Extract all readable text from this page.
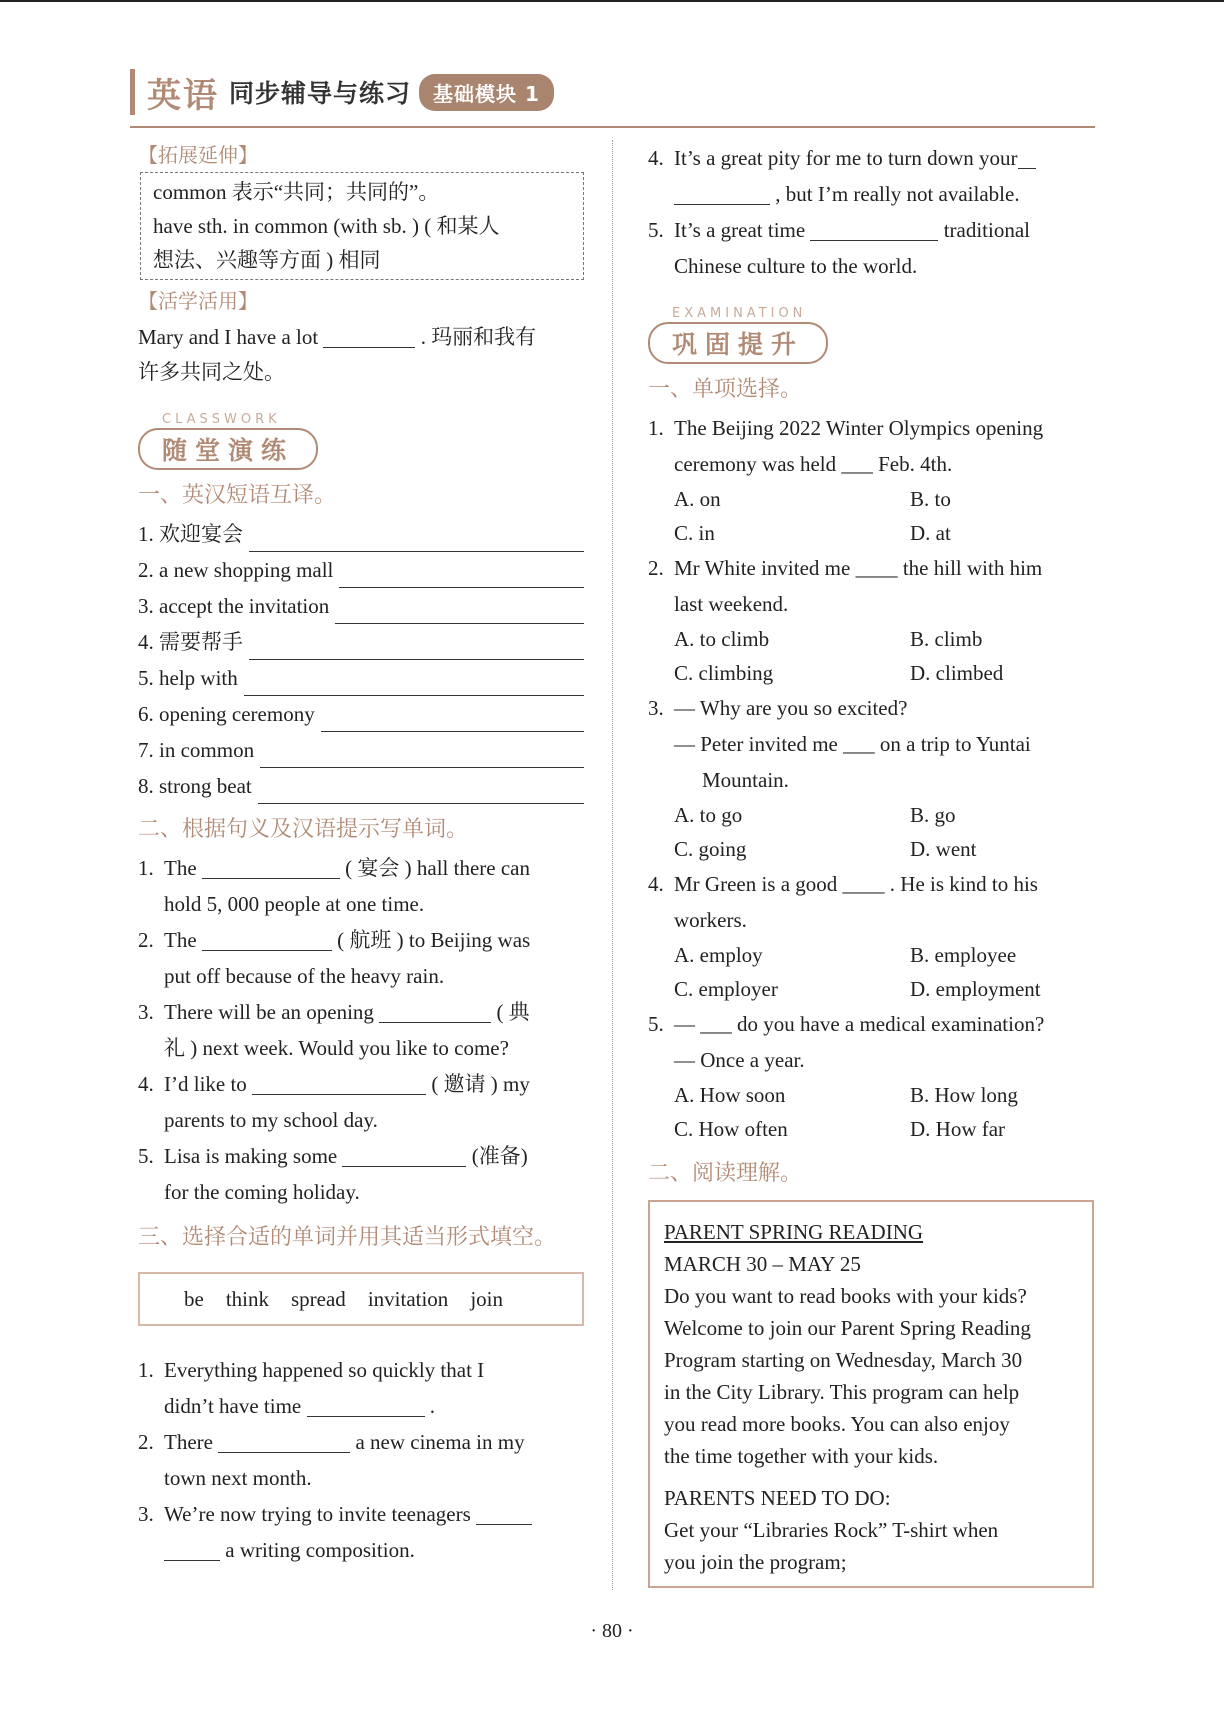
英语 同步辅导与练习	基础模块 1
【拓展延伸】

common 表示“共同；共同的”。

have sth. in common (with sb. ) ( 和某人

想法、兴趣等方面 ) 相同

【活学活用】
Mary and I have a lot	. 玛丽和我有
许多共同之处。
CLASSWORK
随堂演练
一、英汉短语互译。
1. 欢迎宴会
2. a new shopping mall
3. accept the invitation
4. 需要帮手
5. help with
6. opening ceremony
7. in common
8. strong beat
二、根据句义及汉语提示写单词。
1. The	( 宴会 ) hall there can
hold 5, 000 people at one time.
2. The	( 航班 ) to Beijing was
put off because of the heavy rain.
3. There will be an opening	( 典
礼 ) next week. Would you like to come?
4. I’d like to	( 邀请 ) my
parents to my school day.
5. Lisa is making some	(准备)
for the coming holiday.
三、选择合适的单词并用其适当形式填空。
be think spread invitation join
1. Everything happened so quickly that I
didn’t have time	.
2. There	a new cinema in my
town next month.
3. We’re now trying to invite teenagers
a writing composition.
4. It’s a great pity for me to turn down your
, but I’m really not available.
5. It’s a great time	traditional
Chinese culture to the world.
EXAMINATION
巩固提升
一、单项选择。
1. The Beijing 2022 Winter Olympics opening
ceremony was held ___ Feb. 4th.
A. on	B. to
C. in	D. at
2. Mr White invited me ____ the hill with him
last weekend.
A. to climb	B. climb
C. climbing	D. climbed
3. — Why are you so excited?
— Peter invited me ___ on a trip to Yuntai
Mountain.
A. to go	B. go
C. going	D. went
4. Mr Green is a good ____ . He is kind to his
workers.
A. employ	B. employee
C. employer	D. employment
5. — ___ do you have a medical examination?
— Once a year.
A. How soon	B. How long
C. How often	D. How far
二、阅读理解。

PARENT SPRING READING

MARCH 30 – MAY 25

Do you want to read books with your kids?

Welcome to join our Parent Spring Reading

Program starting on Wednesday, March 30

in the City Library. This program can help

you read more books. You can also enjoy

the time together with your kids.

PARENTS NEED TO DO:

Get your “Libraries Rock” T-shirt when

you join the program;

· 80 ·
